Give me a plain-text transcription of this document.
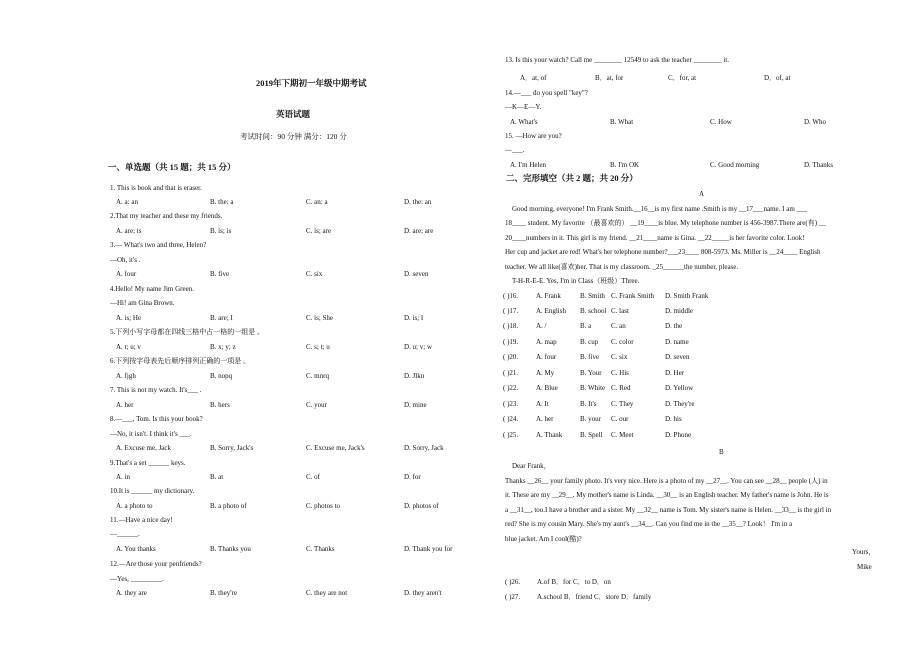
2019年下期初一年级中期考试
英语试题
考试时间：90 分钟 满分：120 分
一、单选题（共 15 题；共 15 分）
1. This is book and that is eraser.
A. a: an	B. the: a	C. an: a	D. the: an
2.That my teacher and these my friends.
A. are; is	B. is; is	C. is; are	D. are; are
3.— What's two and three, Helen?
—Oh, it's .
A. four	B. five	C. six	D. seven
4.Hello! My name Jim Green.
—Hi! am Gina Brown.
A. is; He	B. are; I	C. is; She	D. is; I
5.下列小写字母都在四线三格中占一格的一组是 。
A. t; u; v	B. x; y; z	C. s; t; u	D. u; v; w
6.下列按字母表先后顺序排列正确的一项是 。
A. fjgh	B. nopq	C. mnrq	D. Jlkn
7. This is not my watch. It's___ .
A. her	B. hers	C. your	D. mine
8.—___, Tom. Is this your book?
—No, it isn't. I think it's ___.
A. Excuse me, Jack	B. Sorry, Jack's	C. Excuse me, Jack's	D. Sorry, Jack
9.That's a set ______ keys.
A. in	B. at	C. of	D. for
10.It is ______ my dictionary.
A. a photo to	B. a photo of	C. photos to	D. photos of
11.—Have a nice day!
—______.
A. You thanks	B. Thanks you	C. Thanks	D. Thank you for
12.—Are those your penfriends?
—Yes, _________.
A. they are	B. they're	C. they are not	D. they aren't
13. Is this your watch? Call me ________ 12549 to ask the teacher ________ it.
A．at, of	B．at, for	C．for, at	D．of, at
14.—___ do you spell "key"?
—K—E—Y.
A. What's	B. What	C. How	D. Who
15. —How are you?
—___.
A. I'm Helen	B. I'm OK	C. Good morning	D. Thanks
二、完形填空（共 2 题；共 20 分）
A
Good morning, everyone! I'm Frank Smith.__16__is my first name .Smith is my __17___name. I am ___
18____ student. My favorite （最喜欢的） __19____is blue. My telephone number is 456-3987.There are(有) __
20____numbers in it. This girl is my friend. __21____name is Gina. __22_____is her favorite color. Look!
Her cup and jacket are red! What's her telephone number?___23____ 808-5973. Ms. Miller is __24____ English
teacher. We all like(喜欢)her. That is my classroom. _25______the number, please.
T-H-R-E-E. Yes, I'm in Class（班级）Three.
( )16.	A. Frank	B. Smith C. Frank Smith D. Smith Frank
( )17.	A. English B. school C. last	D. middle
( )18.	A. /	B. a	C. an	D. the
( )19.	A. map	B. cup C. color	D. name
( )20.	A. four	B. five C. six	D. seven
( )21.	A. My	B. Your C. His	D. Her
( )22.	A. Blue	B. White C. Red	D. Yellow
( )23.	A. It	B. It's C. They	D. They're
( )24.	A. her	B. your C. our	D. his
( )25.	A. Thank	B. Spell C. Meet	D. Phone
B
Dear Frank，
Thanks __26__ your family photo. It's very nice. Here is a photo of my __27__. You can see __28__ people (人) in
it. These are my __29__. My mother's name is Linda. __30__ is an English teacher. My father's name is John. He is
a __31__, too.I have a brother and a sister. My __32__ name is Tom. My sister's name is Helen. __33__ is the girl in
red? She is my cousin Mary. She's my aunt's __34__. Can you find me in the __35__? Look！ I'm in a
blue jacket. Am I cool(酷)?
Yours，
Mike
( )26. A.of B．for C．to D．on
( )27. A.school B．friend C．store D．family
